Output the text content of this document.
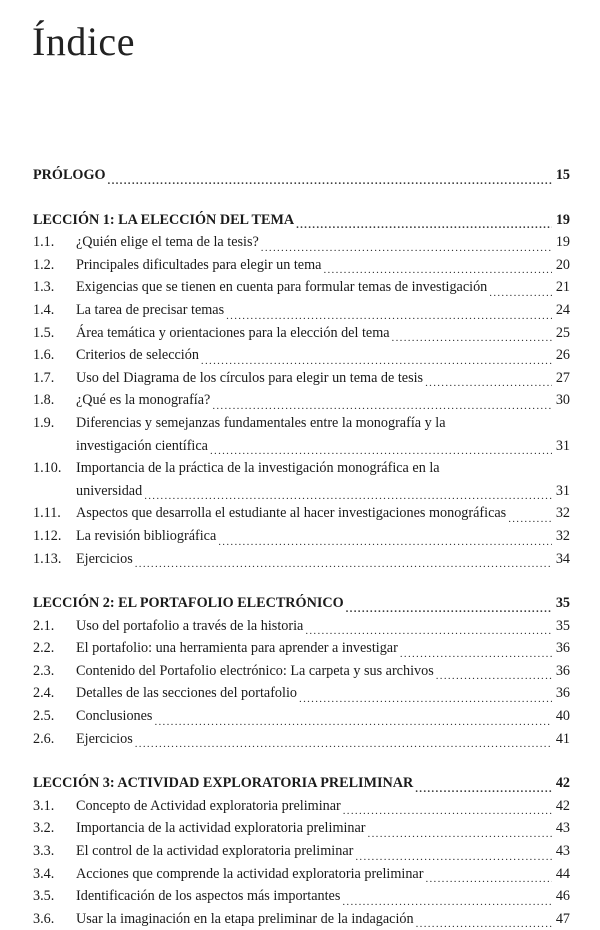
Índice
PRÓLOGO .....	15
LECCIÓN 1: LA ELECCIÓN DEL TEMA .....	19
1.1.	¿Quién elige el tema de la tesis? .....	19
1.2.	Principales dificultades para elegir un tema .....	20
1.3.	Exigencias que se tienen en cuenta para formular temas de investigación .....	21
1.4.	La tarea de precisar temas .....	24
1.5.	Área temática y orientaciones para la elección del tema .....	25
1.6.	Criterios de selección .....	26
1.7.	Uso del Diagrama de los círculos para elegir un tema de tesis .....	27
1.8.	¿Qué es la monografía? .....	30
1.9.	Diferencias y semejanzas fundamentales entre la monografía y la
investigación científica .....	31
1.10.	Importancia de la práctica de la investigación monográfica en la
universidad .....	31
1.11.	Aspectos que desarrolla el estudiante al hacer investigaciones monográficas .....	32
1.12.	La revisión bibliográfica .....	32
1.13.	Ejercicios .....	34
LECCIÓN 2: EL PORTAFOLIO ELECTRÓNICO .....	35
2.1.	Uso del portafolio a través de la historia .....	35
2.2.	El portafolio: una herramienta para aprender a investigar .....	36
2.3.	Contenido del Portafolio electrónico: La carpeta y sus archivos .....	36
2.4.	Detalles de las secciones del portafolio .....	36
2.5.	Conclusiones .....	40
2.6.	Ejercicios .....	41
LECCIÓN 3: ACTIVIDAD EXPLORATORIA PRELIMINAR .....	42
3.1.	Concepto de Actividad exploratoria preliminar .....	42
3.2.	Importancia de la actividad exploratoria preliminar .....	43
3.3.	El control de la actividad exploratoria preliminar .....	43
3.4.	Acciones que comprende la actividad exploratoria preliminar .....	44
3.5.	Identificación de los aspectos más importantes .....	46
3.6.	Usar la imaginación en la etapa preliminar de la indagación .....	47
